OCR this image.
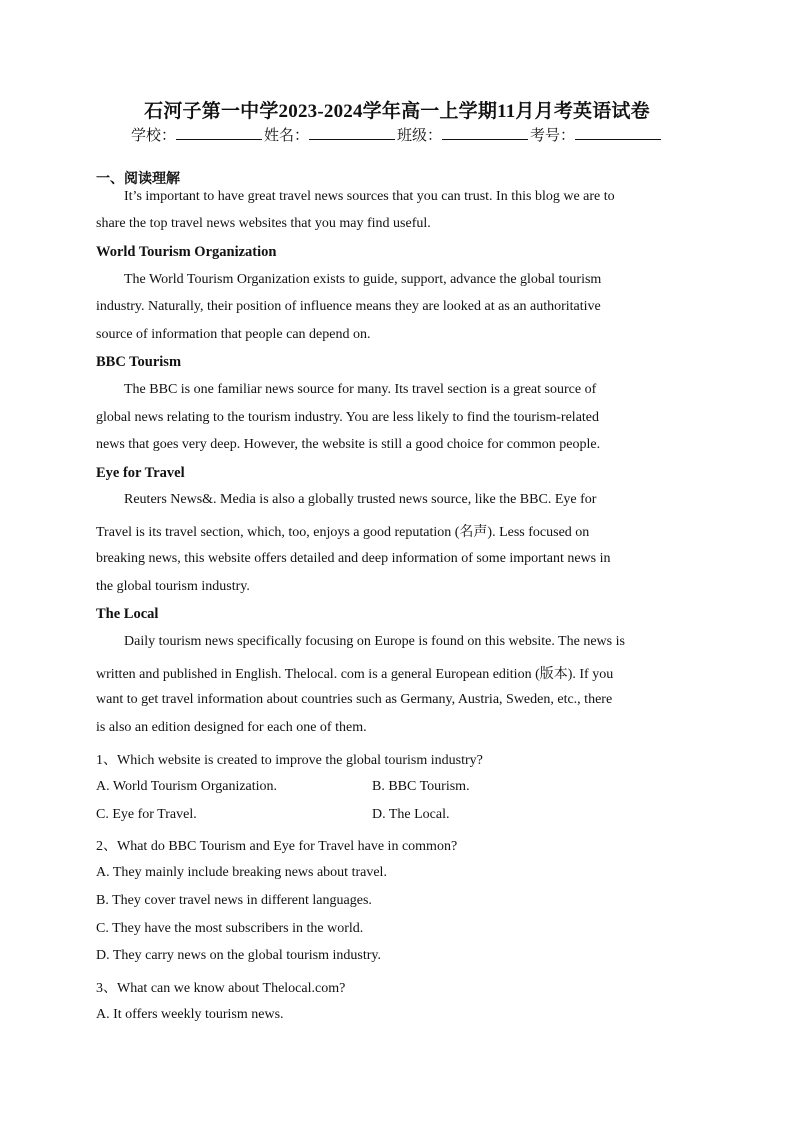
石河子第一中学2023-2024学年高一上学期11月月考英语试卷
学校：	姓名：	班级：	考号：
一、阅读理解
It’s important to have great travel news sources that you can trust. In this blog we are to
share the top travel news websites that you may find useful.
World Tourism Organization
The World Tourism Organization exists to guide, support, advance the global tourism
industry. Naturally, their position of influence means they are looked at as an authoritative
source of information that people can depend on.
BBC Tourism
The BBC is one familiar news source for many. Its travel section is a great source of
global news relating to the tourism industry. You are less likely to find the tourism-related
news that goes very deep. However, the website is still a good choice for common people.
Eye for Travel
Reuters News&. Media is also a globally trusted news source, like the BBC. Eye for
Travel is its travel section, which, too, enjoys a good reputation (名声). Less focused on
breaking news, this website offers detailed and deep information of some important news in
the global tourism industry.
The Local
Daily tourism news specifically focusing on Europe is found on this website. The news is
written and published in English. Thelocal. com is a general European edition (版本). If you
want to get travel information about countries such as Germany, Austria, Sweden, etc., there
is also an edition designed for each one of them.
1、Which website is created to improve the global tourism industry?
A. World Tourism Organization.	B. BBC Tourism.
C. Eye for Travel.	D. The Local.
2、What do BBC Tourism and Eye for Travel have in common?
A. They mainly include breaking news about travel.
B. They cover travel news in different languages.
C. They have the most subscribers in the world.
D. They carry news on the global tourism industry.
3、What can we know about Thelocal.com?
A. It offers weekly tourism news.
